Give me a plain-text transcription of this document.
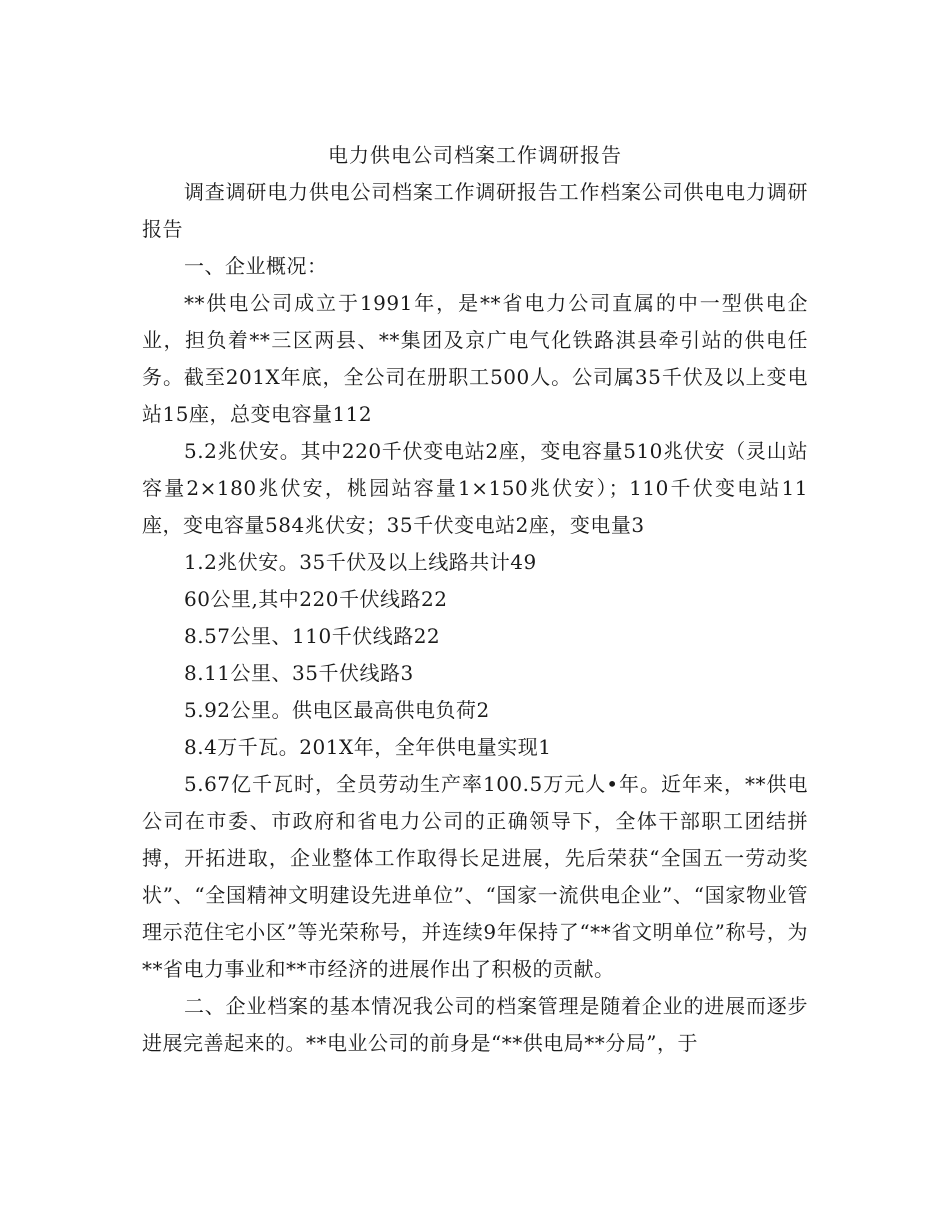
电力供电公司档案工作调研报告

调查调研电力供电公司档案工作调研报告工作档案公司供电电力调研报告

一、企业概况：

**供电公司成立于1991年，是**省电力公司直属的中一型供电企业，担负着**三区两县、**集团及京广电气化铁路淇县牵引站的供电任务。截至201X年底，全公司在册职工500人。公司属35千伏及以上变电站15座，总变电容量112

5.2兆伏安。其中220千伏变电站2座，变电容量510兆伏安（灵山站容量2×180兆伏安，桃园站容量1×150兆伏安）；110千伏变电站11座，变电容量584兆伏安；35千伏变电站2座，变电量3

1.2兆伏安。35千伏及以上线路共计49

60公里,其中220千伏线路22

8.57公里、110千伏线路22

8.11公里、35千伏线路3

5.92公里。供电区最高供电负荷2

8.4万千瓦。201X年，全年供电量实现1

5.67亿千瓦时，全员劳动生产率100.5万元人•年。近年来，**供电公司在市委、市政府和省电力公司的正确领导下，全体干部职工团结拼搏，开拓进取，企业整体工作取得长足进展，先后荣获“全国五一劳动奖状”、“全国精神文明建设先进单位”、“国家一流供电企业”、“国家物业管理示范住宅小区”等光荣称号，并连续9年保持了“**省文明单位”称号，为**省电力事业和**市经济的进展作出了积极的贡献。

二、企业档案的基本情况我公司的档案管理是随着企业的进展而逐步进展完善起来的。**电业公司的前身是“**供电局**分局”，于
